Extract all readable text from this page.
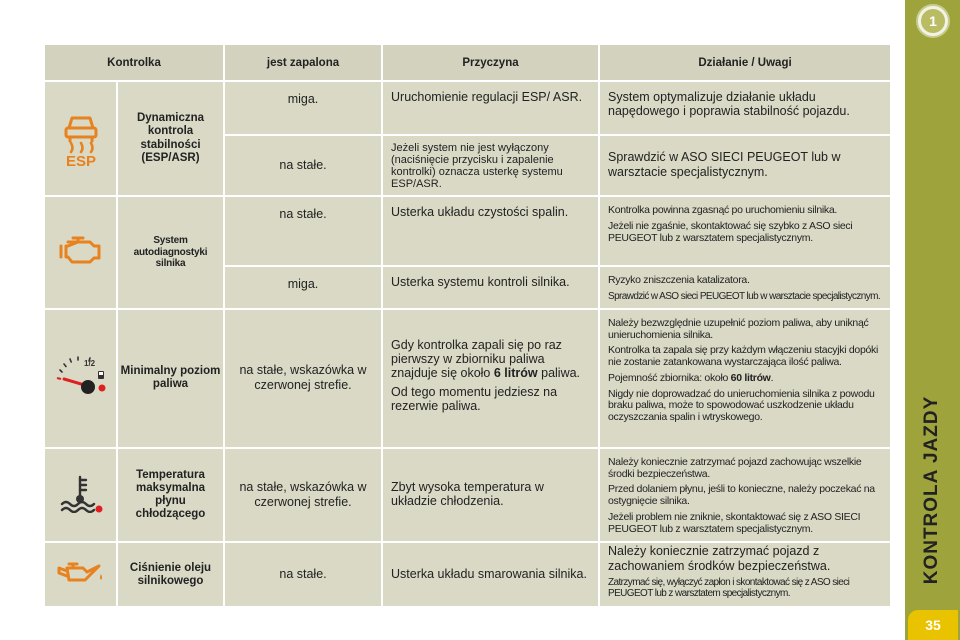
1
KONTROLA JAZDY
35
Kontrolka		jest zapalona	Przyczyna	Działanie / Uwagi

ESP	Dynamiczna kontrola stabilności (ESP/ASR)	miga.	Uruchomienie regulacji ESP/ ASR.	System optymalizuje działanie układu napędowego i poprawia stabilność pojazdu.
		na stałe.	Jeżeli system nie jest wyłączony (naciśnięcie przycisku i zapalenie kontrolki) oznacza usterkę systemu ESP/ASR.	Sprawdzić w ASO SIECI PEUGEOT lub w warsztacie specjalistycznym.
	System autodiagnostyki silnika	na stałe.	Usterka układu czystości spalin.	Kontrolka powinna zgasnąć po uruchomieniu silnika.
Jeżeli nie zgaśnie, skontaktować się szybko z ASO sieci PEUGEOT lub z warsztatem specjalistycznym.

		miga.	Usterka systemu kontroli silnika.	Ryzyko zniszczenia katalizatora.
Sprawdzić w ASO sieci PEUGEOT lub w warsztacie specjalistycznym.

1/2	Minimalny poziom paliwa	na stałe, wskazówka w czerwonej strefie.	Gdy kontrolka zapali się po raz pierwszy w zbiorniku paliwa znajduje się około 6 litrów paliwa.
Od tego momentu jedziesz na rezerwie paliwa.	Należy bezwzględnie uzupełnić poziom paliwa, aby uniknąć unieruchomienia silnika.
Kontrolka ta zapala się przy każdym włączeniu stacyjki dopóki nie zostanie zatankowana wystarczająca ilość paliwa.
Pojemność zbiornika: około 60 litrów.
Nigdy nie doprowadzać do unieruchomienia silnika z powodu braku paliwa, może to spowodować uszkodzenie układu oczyszczania spalin i wtryskowego.

	Temperatura maksymalna płynu chłodzącego	na stałe, wskazówka w czerwonej strefie.	Zbyt wysoka temperatura w układzie chłodzenia.	Należy koniecznie zatrzymać pojazd zachowując wszelkie środki bezpieczeństwa.
Przed dolaniem płynu, jeśli to konieczne, należy poczekać na ostygnięcie silnika.
Jeżeli problem nie zniknie, skontaktować się z ASO SIECI PEUGEOT lub z warsztatem specjalistycznym.

	Ciśnienie oleju silnikowego	na stałe.	Usterka układu smarowania silnika.	Należy koniecznie zatrzymać pojazd z zachowaniem środków bezpieczeństwa.
Zatrzymać się, wyłączyć zapłon i skontaktować się z ASO sieci PEUGEOT lub z warsztatem specjalistycznym.
